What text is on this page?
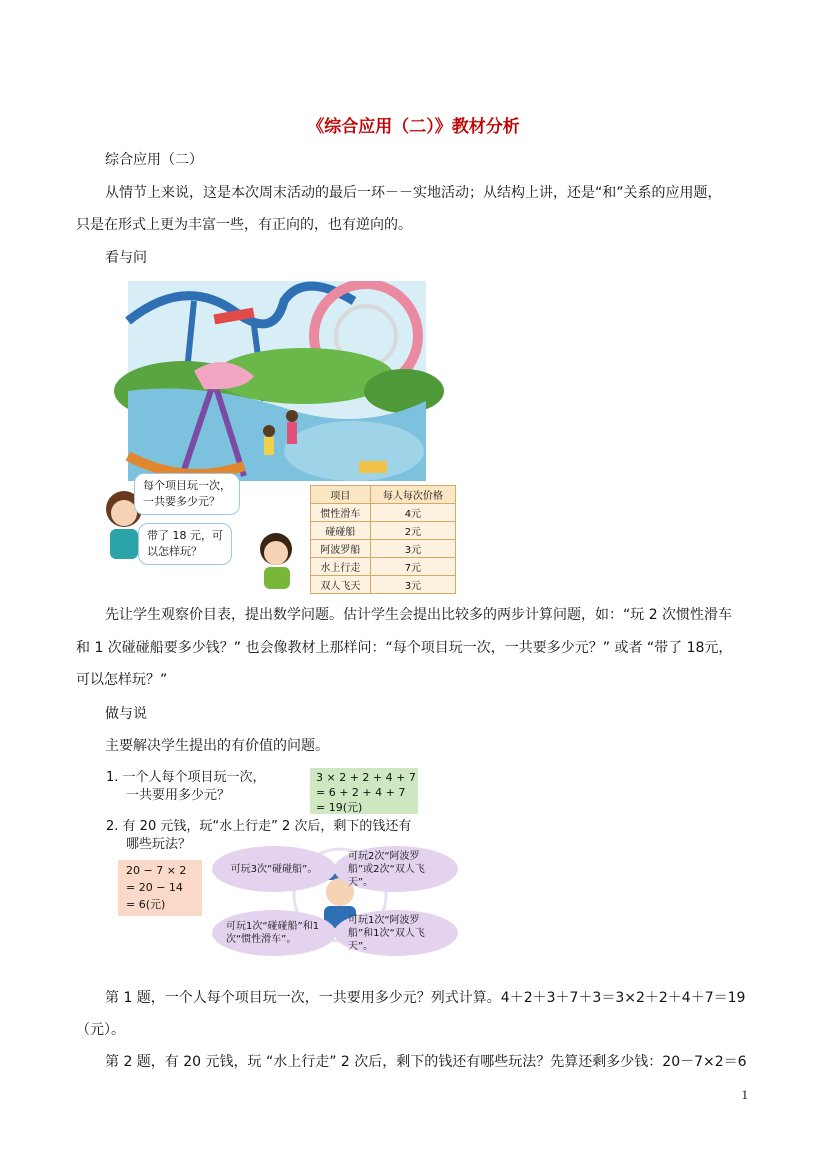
《综合应用（二）》教材分析
综合应用（二）
从情节上来说，这是本次周末活动的最后一环－－实地活动；从结构上讲，还是“和”关系的应用题，
只是在形式上更为丰富一些，有正向的，也有逆向的。
看与问
每个项目玩一次，
一共要多少元？
带了 18 元，可
以怎样玩？
项目	每人每次价格
惯性滑车	4元
碰碰船	2元
阿波罗船	3元
水上行走	7元
双人飞天	3元
先让学生观察价目表，提出数学问题。估计学生会提出比较多的两步计算问题，如：“玩 2 次惯性滑车
和 1 次碰碰船要多少钱？” 也会像教材上那样问：“每个项目玩一次，一共要多少元？” 或者 “带了 18元，
可以怎样玩？”
做与说
主要解决学生提出的有价值的问题。
1. 一个人每个项目玩一次，
一共要用多少元？
3 × 2 + 2 + 4 + 7
= 6 + 2 + 4 + 7
= 19(元)
2. 有 20 元钱，玩“水上行走” 2 次后，剩下的钱还有
哪些玩法？
20 − 7 × 2
= 20 − 14
= 6(元)
可玩3次“碰碰船”。
可玩2次“阿波罗船”或2次“双人飞天”。
可玩1次“碰碰船”和1次“惯性滑车”。
可玩1次“阿波罗船”和1次“双人飞天”。
第 1 题，一个人每个项目玩一次，一共要用多少元？列式计算。4＋2＋3＋7＋3＝3×2＋2＋4＋7＝19
（元）。
第 2 题，有 20 元钱，玩 “水上行走” 2 次后，剩下的钱还有哪些玩法？先算还剩多少钱：20－7×2＝6
1
